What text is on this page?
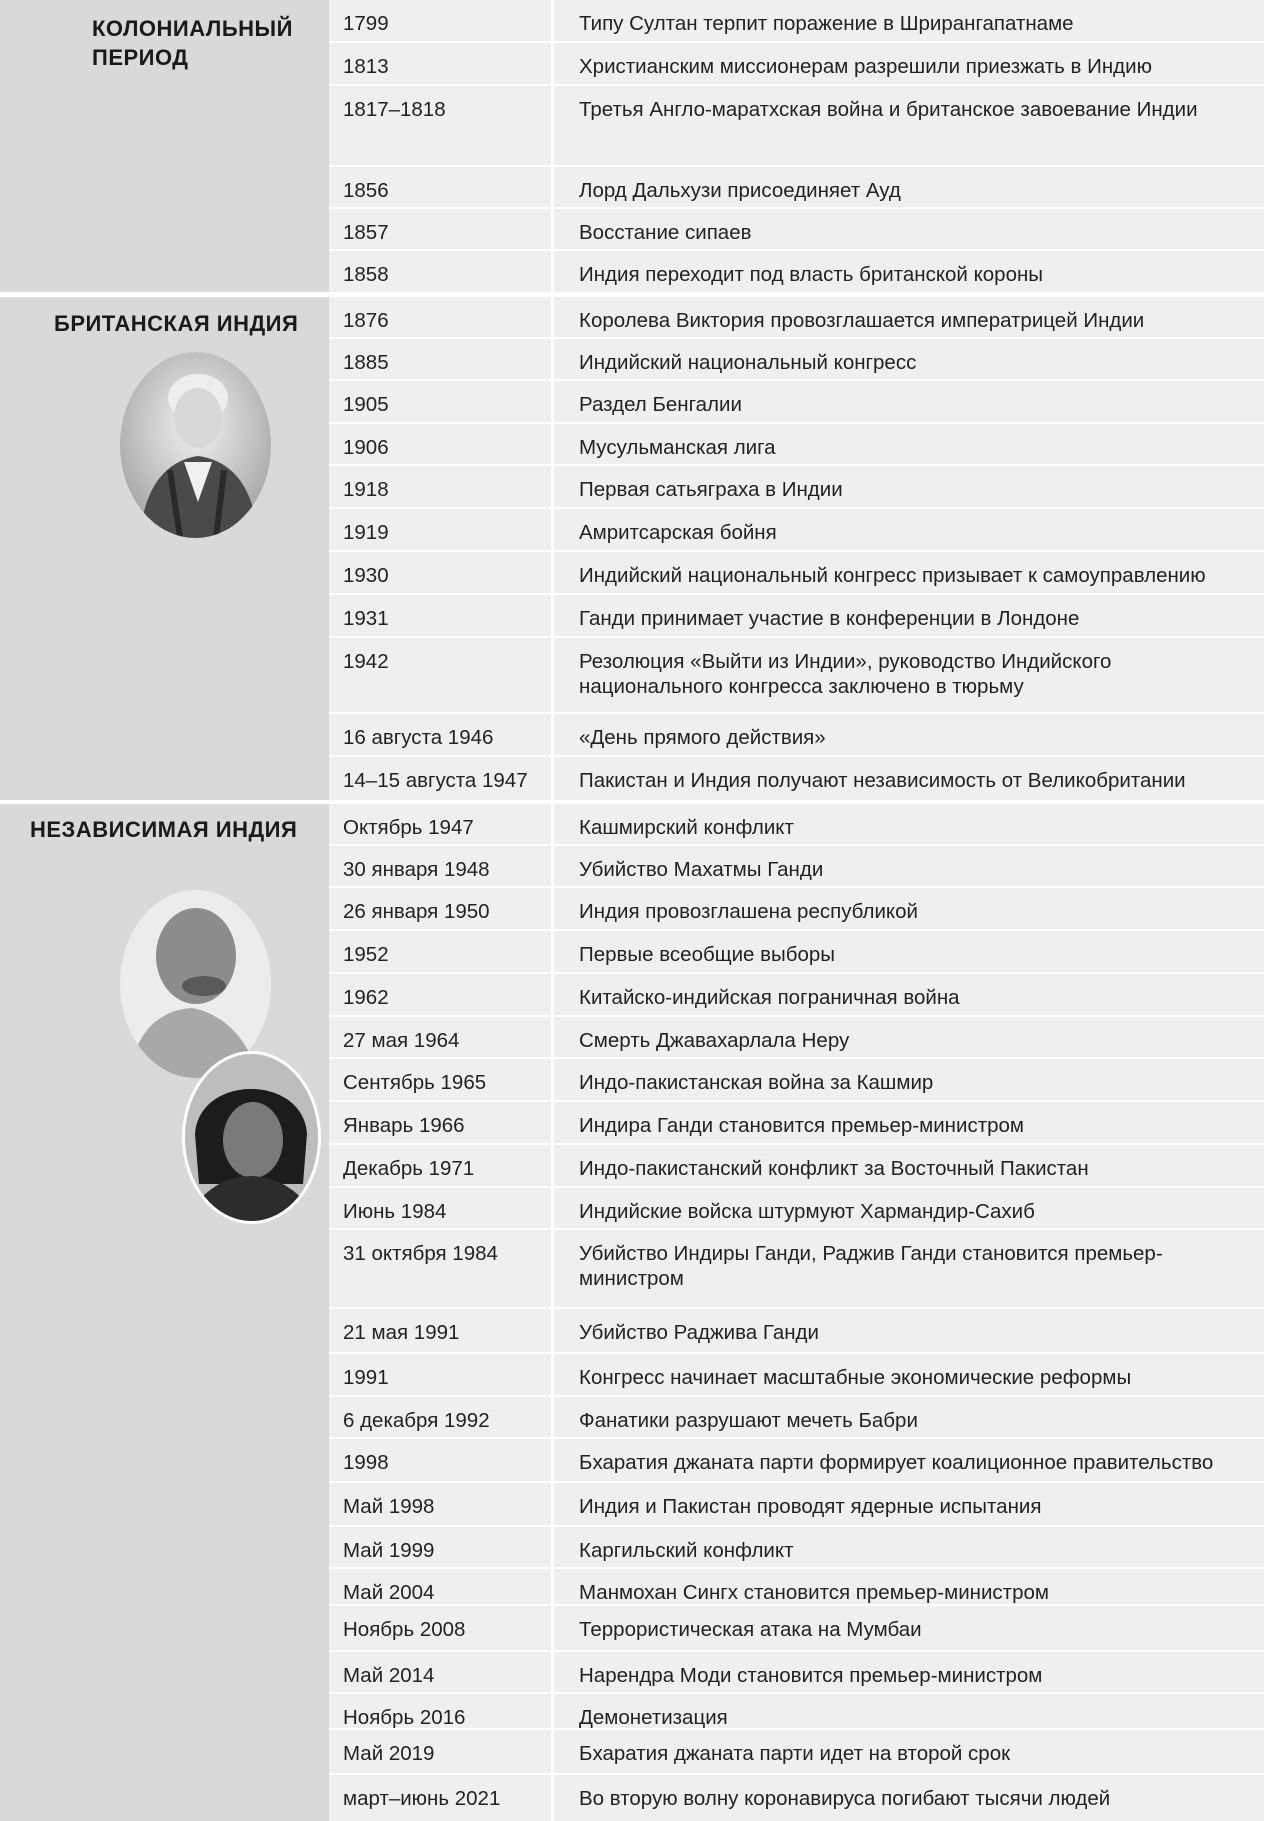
КОЛОНИАЛЬНЫЙ
ПЕРИОД
БРИТАНСКАЯ ИНДИЯ
НЕЗАВИСИМАЯ ИНДИЯ
1799	Типу Султан терпит поражение в Шрирангапатнаме
1813	Христианским миссионерам разрешили приезжать в Индию
1817–1818	Третья Англо-маратхская война и британское завоевание Индии
1856	Лорд Дальхузи присоединяет Ауд
1857	Восстание сипаев
1858	Индия переходит под власть британской короны
1876	Королева Виктория провозглашается императрицей Индии
1885	Индийский национальный конгресс
1905	Раздел Бенгалии
1906	Мусульманская лига
1918	Первая сатьяграха в Индии
1919	Амритсарская бойня
1930	Индийский национальный конгресс призывает к самоуправлению
1931	Ганди принимает участие в конференции в Лондоне
1942	Резолюция «Выйти из Индии», руководство Индийского национального конгресса заключено в тюрьму
16 августа 1946	«День прямого действия»
14–15 августа 1947	Пакистан и Индия получают независимость от Великобритании
Октябрь 1947	Кашмирский конфликт
30 января 1948	Убийство Махатмы Ганди
26 января 1950	Индия провозглашена республикой
1952	Первые всеобщие выборы
1962	Китайско-индийская пограничная война
27 мая 1964	Смерть Джавахарлала Неру
Сентябрь 1965	Индо-пакистанская война за Кашмир
Январь 1966	Индира Ганди становится премьер-министром
Декабрь 1971	Индо-пакистанский конфликт за Восточный Пакистан
Июнь 1984	Индийские войска штурмуют Хармандир-Сахиб
31 октября 1984	Убийство Индиры Ганди, Раджив Ганди становится премьер-министром
21 мая 1991	Убийство Раджива Ганди
1991	Конгресс начинает масштабные экономические реформы
6 декабря 1992	Фанатики разрушают мечеть Бабри
1998	Бхаратия джаната парти формирует коалиционное правительство
Май 1998	Индия и Пакистан проводят ядерные испытания
Май 1999	Каргильский конфликт
Май 2004	Манмохан Сингх становится премьер-министром
Ноябрь 2008	Террористическая атака на Мумбаи
Май 2014	Нарендра Моди становится премьер-министром
Ноябрь 2016	Демонетизация
Май 2019	Бхаратия джаната парти идет на второй срок
март–июнь 2021	Во вторую волну коронавируса погибают тысячи людей
